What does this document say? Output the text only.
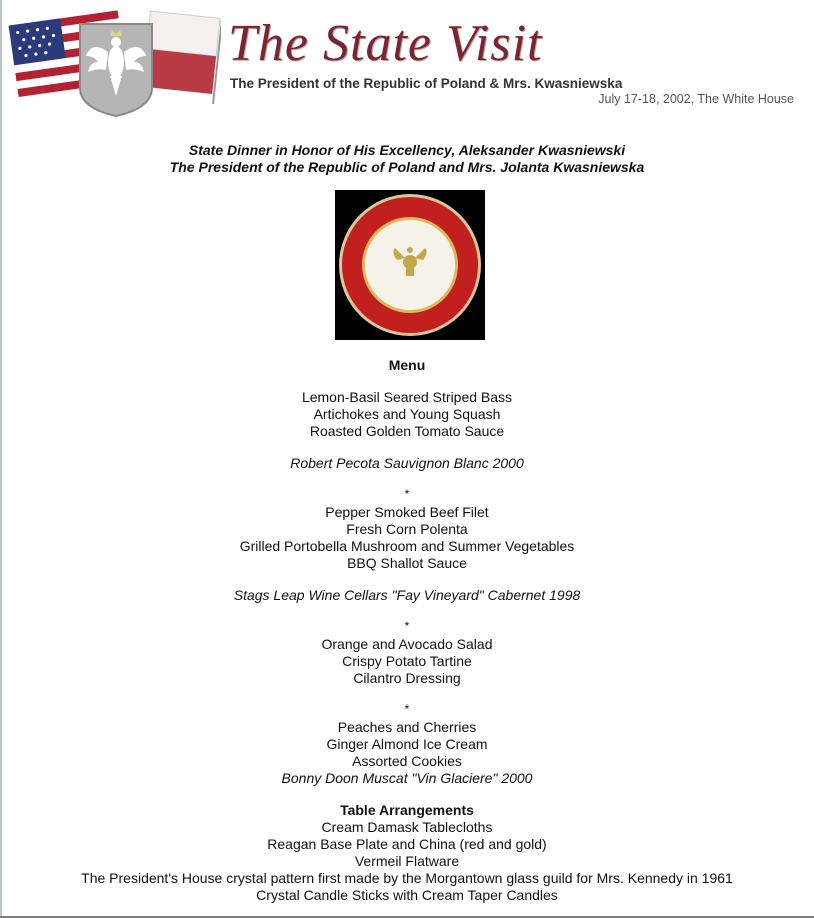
The State Visit
The President of the Republic of Poland & Mrs. Kwasniewska
July 17-18, 2002, The White House
State Dinner in Honor of His Excellency, Aleksander Kwasniewski
The President of the Republic of Poland and Mrs. Jolanta Kwasniewska
Menu
Lemon-Basil Seared Striped Bass
Artichokes and Young Squash
Roasted Golden Tomato Sauce
Robert Pecota Sauvignon Blanc 2000
*
Pepper Smoked Beef Filet
Fresh Corn Polenta
Grilled Portobella Mushroom and Summer Vegetables
BBQ Shallot Sauce
Stags Leap Wine Cellars "Fay Vineyard" Cabernet 1998
*
Orange and Avocado Salad
Crispy Potato Tartine
Cilantro Dressing
*
Peaches and Cherries
Ginger Almond Ice Cream
Assorted Cookies
Bonny Doon Muscat "Vin Glaciere" 2000
Table Arrangements
Cream Damask Tablecloths
Reagan Base Plate and China (red and gold)
Vermeil Flatware
The President's House crystal pattern first made by the Morgantown glass guild for Mrs. Kennedy in 1961
Crystal Candle Sticks with Cream Taper Candles
